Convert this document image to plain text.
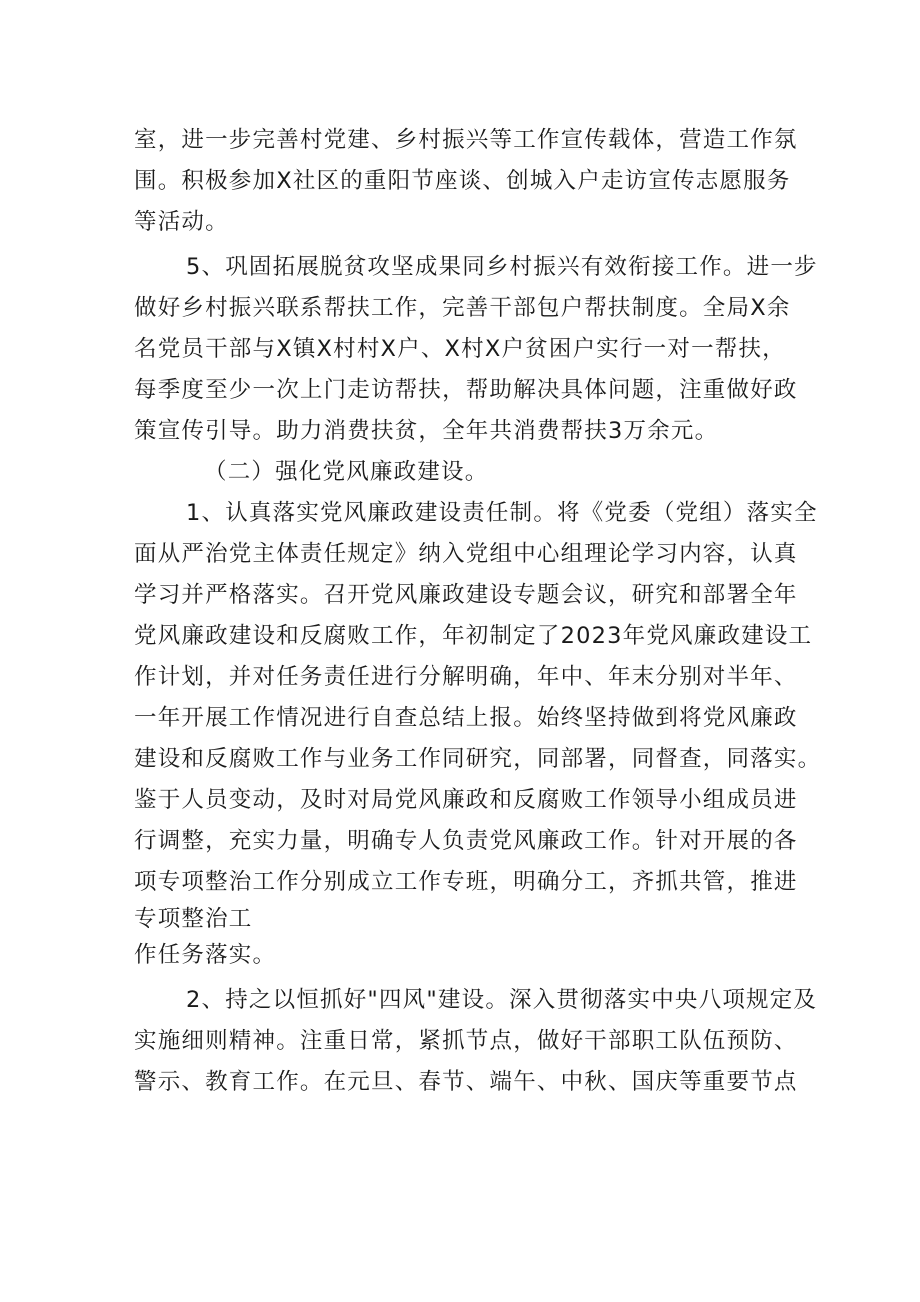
室，进一步完善村党建、乡村振兴等工作宣传载体，营造工作氛
围。积极参加X社区的重阳节座谈、创城入户走访宣传志愿服务
等活动。
5、巩固拓展脱贫攻坚成果同乡村振兴有效衔接工作。进一步
做好乡村振兴联系帮扶工作，完善干部包户帮扶制度。全局X余
名党员干部与X镇X村村X户、X村X户贫困户实行一对一帮扶，
每季度至少一次上门走访帮扶，帮助解决具体问题，注重做好政
策宣传引导。助力消费扶贫，全年共消费帮扶3万余元。
（二）强化党风廉政建设。
1、认真落实党风廉政建设责任制。将《党委（党组）落实全
面从严治党主体责任规定》纳入党组中心组理论学习内容，认真
学习并严格落实。召开党风廉政建设专题会议，研究和部署全年
党风廉政建设和反腐败工作，年初制定了2023年党风廉政建设工
作计划，并对任务责任进行分解明确，年中、年末分别对半年、
一年开展工作情况进行自查总结上报。始终坚持做到将党风廉政
建设和反腐败工作与业务工作同研究，同部署，同督查，同落实。
鉴于人员变动，及时对局党风廉政和反腐败工作领导小组成员进
行调整，充实力量，明确专人负责党风廉政工作。针对开展的各
项专项整治工作分别成立工作专班，明确分工，齐抓共管，推进
专项整治工
作任务落实。
2、持之以恒抓好"四风"建设。深入贯彻落实中央八项规定及
实施细则精神。注重日常，紧抓节点，做好干部职工队伍预防、
警示、教育工作。在元旦、春节、端午、中秋、国庆等重要节点
